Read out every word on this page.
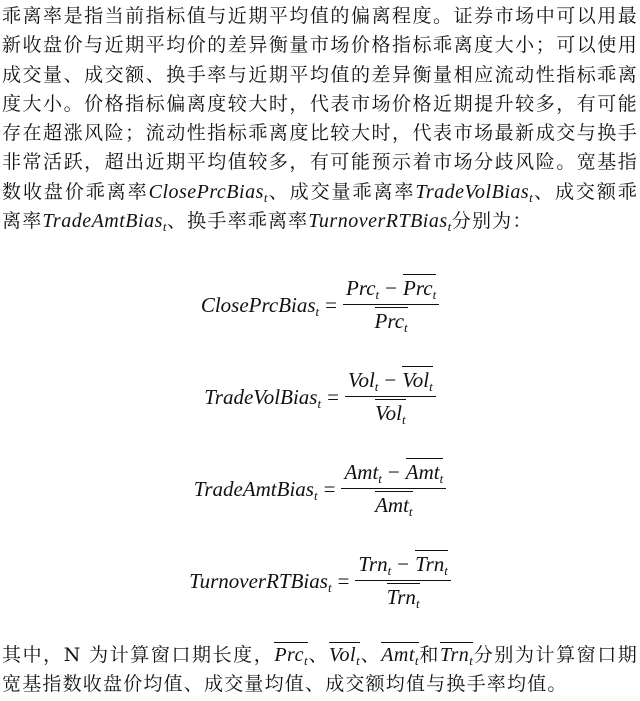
乖离率是指当前指标值与近期平均值的偏离程度。证券市场中可以用最新收盘价与近期平均价的差异衡量市场价格指标乖离度大小；可以使用成交量、成交额、换手率与近期平均值的差异衡量相应流动性指标乖离度大小。价格指标偏离度较大时，代表市场价格近期提升较多，有可能存在超涨风险；流动性指标乖离度比较大时，代表市场最新成交与换手非常活跃，超出近期平均值较多，有可能预示着市场分歧风险。宽基指数收盘价乖离率ClosePrcBias$_t$、成交量乖离率TradeVolBias$_t$、成交额乖离率TradeAmtBias$_t$、换手率乖离率TurnoverRTBias$_t$分别为：
ClosePrcBias$_t$ = $\frac{Prc_t - Prc_t}{Prc_t}$
TradeVolBias$_t$ = $\frac{Vol_t - Vol_t}{Vol_t}$
TradeAmtBias$_t$ = $\frac{Amt_t - Amt_t}{Amt_t}$
TurnoverRTBias$_t$ = $\frac{Trn_t - Trn_t}{Trn_t}$
其中，N 为计算窗口期长度，Prc$_t$、Vol$_t$、Amt$_t$和Trn$_t$分别为计算窗口期宽基指数收盘价均值、成交量均值、成交额均值与换手率均值。
